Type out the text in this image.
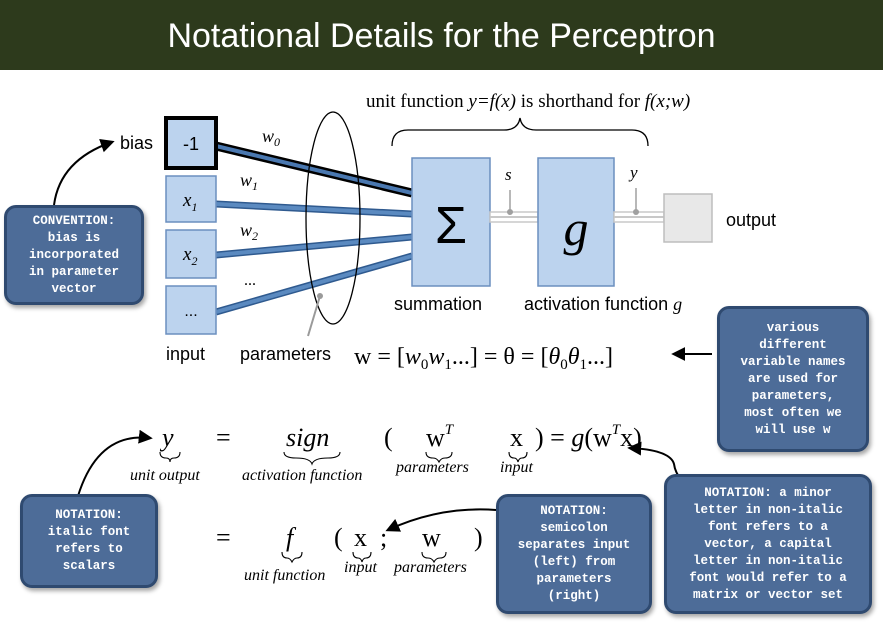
Notational Details for the Perceptron
unit function y=f(x) is shorthand for f(x;w)
$w_0$
$w_1$
$w_2$
...
-1
$x_1$
$x_2$
...
bias
input parameters
Σ
s
g
y
output
summation activation function g
$w = [w_0w_1...] = \theta = [\theta_0\theta_1...]$
y
unit output
= sign
activation function
( $w^T$
parameters
x
input
) = $g(w^Tx)$
= f
unit function
( x
input
; w
parameters
)
CONVENTION:
bias is
incorporated
in parameter
vector
various
different
variable names
are used for
parameters,
most often we
will use w
NOTATION:
italic font
refers to
scalars
NOTATION:
semicolon
separates input
(left) from
parameters
(right)
NOTATION: a minor
letter in non-italic
font refers to a
vector, a capital
letter in non-italic
font would refer to a
matrix or vector set
